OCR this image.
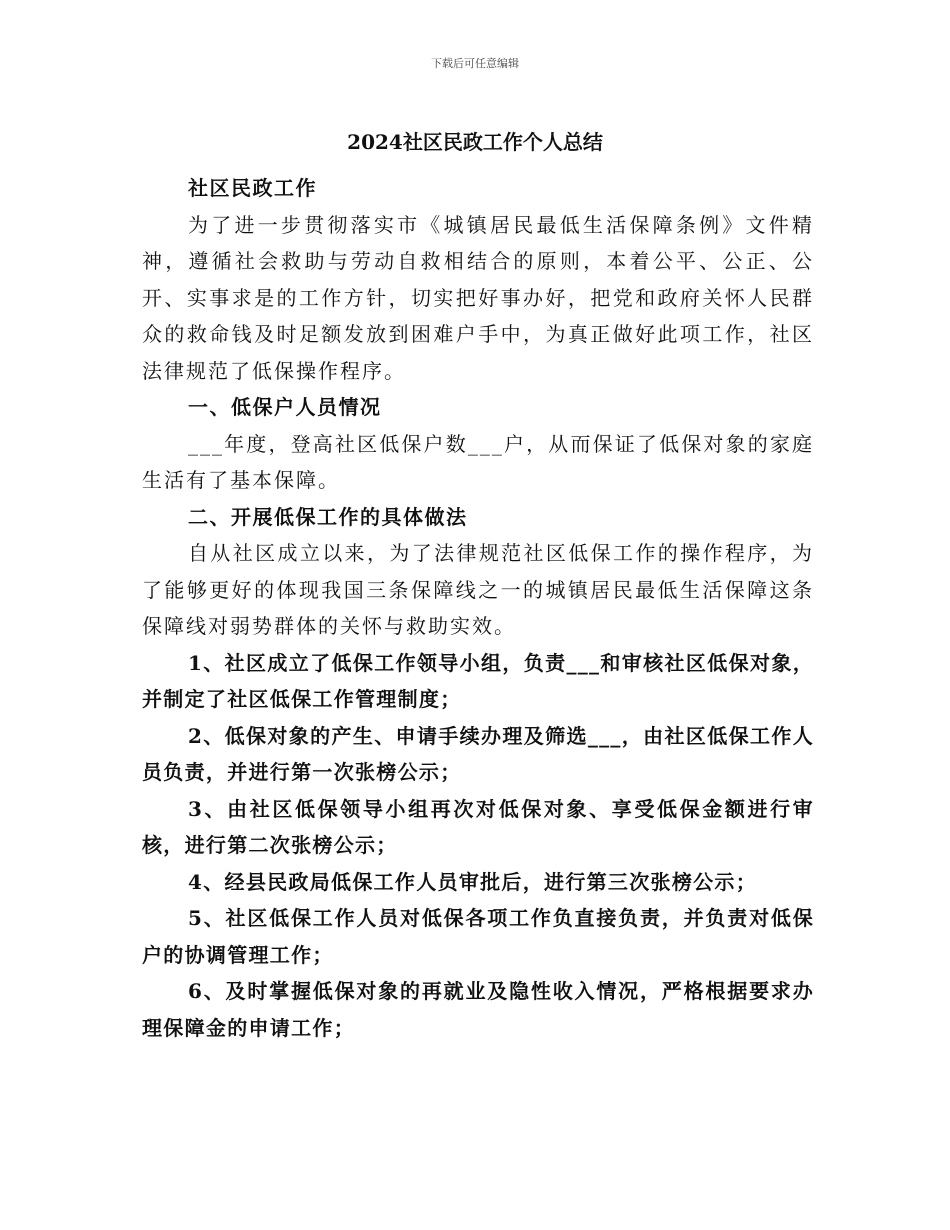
下载后可任意编辑
2024社区民政工作个人总结

社区民政工作

为了进一步贯彻落实市《城镇居民最低生活保障条例》文件精神，遵循社会救助与劳动自救相结合的原则，本着公平、公正、公开、实事求是的工作方针，切实把好事办好，把党和政府关怀人民群众的救命钱及时足额发放到困难户手中，为真正做好此项工作，社区法律规范了低保操作程序。

一、低保户人员情况

___年度，登高社区低保户数___户，从而保证了低保对象的家庭生活有了基本保障。

二、开展低保工作的具体做法

自从社区成立以来，为了法律规范社区低保工作的操作程序，为了能够更好的体现我国三条保障线之一的城镇居民最低生活保障这条保障线对弱势群体的关怀与救助实效。

1、社区成立了低保工作领导小组，负责___和审核社区低保对象，并制定了社区低保工作管理制度；

2、低保对象的产生、申请手续办理及筛选___，由社区低保工作人员负责，并进行第一次张榜公示；

3、由社区低保领导小组再次对低保对象、享受低保金额进行审核，进行第二次张榜公示；

4、经县民政局低保工作人员审批后，进行第三次张榜公示；

5、社区低保工作人员对低保各项工作负直接负责，并负责对低保户的协调管理工作；

6、及时掌握低保对象的再就业及隐性收入情况，严格根据要求办理保障金的申请工作；
